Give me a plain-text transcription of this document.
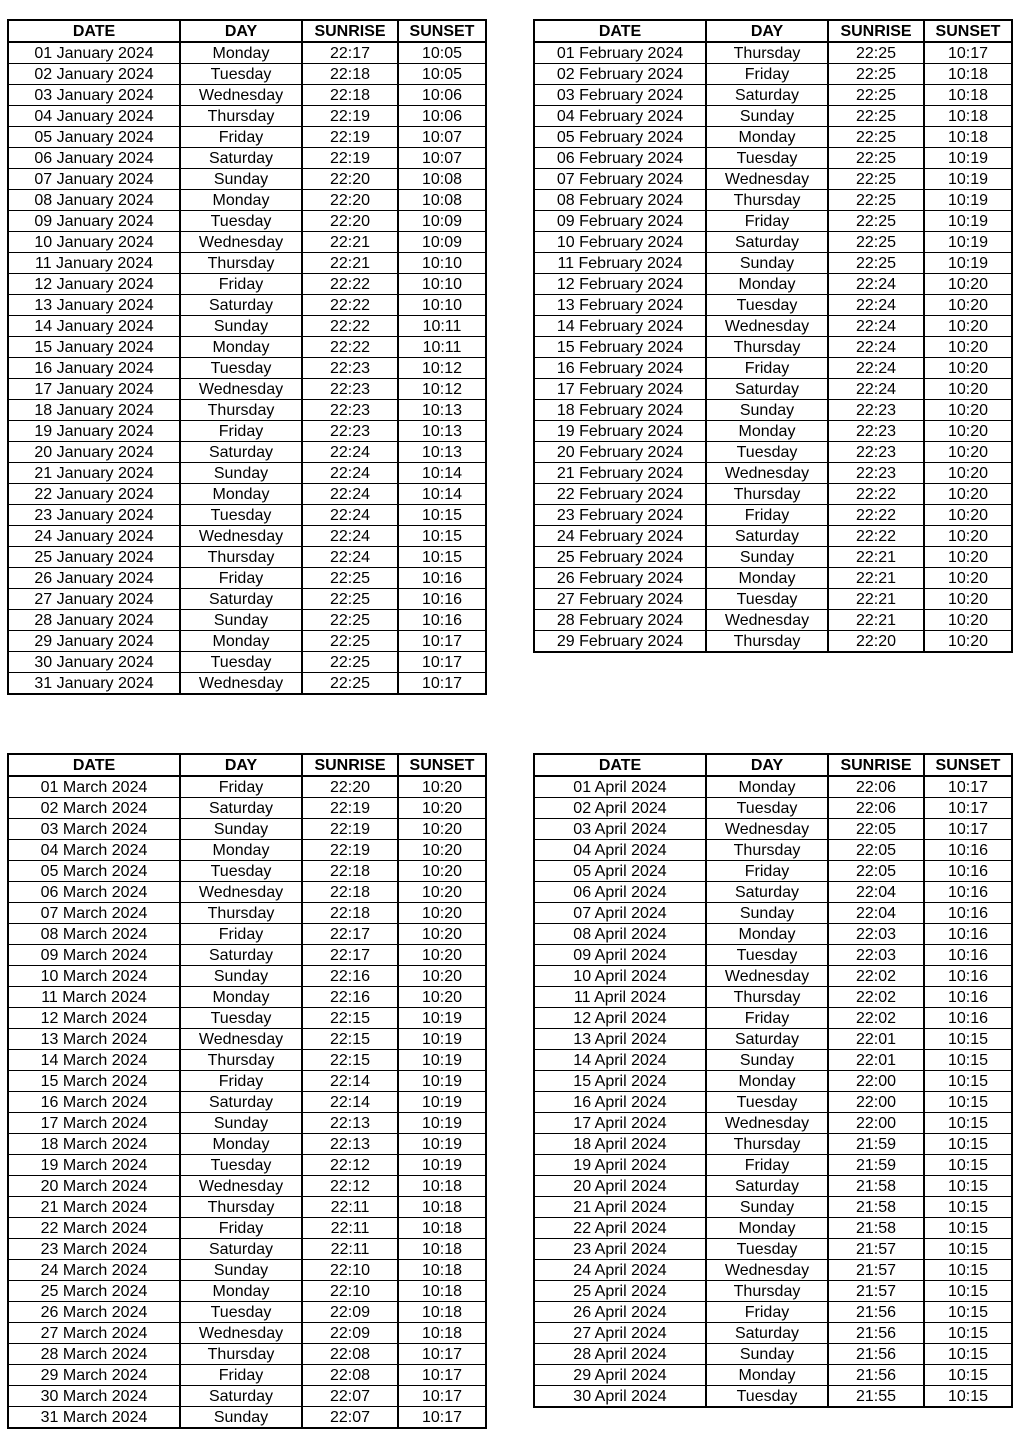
DATE	DAY	SUNRISE	SUNSET
01 January 2024	Monday	22:17	10:05
02 January 2024	Tuesday	22:18	10:05
03 January 2024	Wednesday	22:18	10:06
04 January 2024	Thursday	22:19	10:06
05 January 2024	Friday	22:19	10:07
06 January 2024	Saturday	22:19	10:07
07 January 2024	Sunday	22:20	10:08
08 January 2024	Monday	22:20	10:08
09 January 2024	Tuesday	22:20	10:09
10 January 2024	Wednesday	22:21	10:09
11 January 2024	Thursday	22:21	10:10
12 January 2024	Friday	22:22	10:10
13 January 2024	Saturday	22:22	10:10
14 January 2024	Sunday	22:22	10:11
15 January 2024	Monday	22:22	10:11
16 January 2024	Tuesday	22:23	10:12
17 January 2024	Wednesday	22:23	10:12
18 January 2024	Thursday	22:23	10:13
19 January 2024	Friday	22:23	10:13
20 January 2024	Saturday	22:24	10:13
21 January 2024	Sunday	22:24	10:14
22 January 2024	Monday	22:24	10:14
23 January 2024	Tuesday	22:24	10:15
24 January 2024	Wednesday	22:24	10:15
25 January 2024	Thursday	22:24	10:15
26 January 2024	Friday	22:25	10:16
27 January 2024	Saturday	22:25	10:16
28 January 2024	Sunday	22:25	10:16
29 January 2024	Monday	22:25	10:17
30 January 2024	Tuesday	22:25	10:17
31 January 2024	Wednesday	22:25	10:17
DATE	DAY	SUNRISE	SUNSET
01 February 2024	Thursday	22:25	10:17
02 February 2024	Friday	22:25	10:18
03 February 2024	Saturday	22:25	10:18
04 February 2024	Sunday	22:25	10:18
05 February 2024	Monday	22:25	10:18
06 February 2024	Tuesday	22:25	10:19
07 February 2024	Wednesday	22:25	10:19
08 February 2024	Thursday	22:25	10:19
09 February 2024	Friday	22:25	10:19
10 February 2024	Saturday	22:25	10:19
11 February 2024	Sunday	22:25	10:19
12 February 2024	Monday	22:24	10:20
13 February 2024	Tuesday	22:24	10:20
14 February 2024	Wednesday	22:24	10:20
15 February 2024	Thursday	22:24	10:20
16 February 2024	Friday	22:24	10:20
17 February 2024	Saturday	22:24	10:20
18 February 2024	Sunday	22:23	10:20
19 February 2024	Monday	22:23	10:20
20 February 2024	Tuesday	22:23	10:20
21 February 2024	Wednesday	22:23	10:20
22 February 2024	Thursday	22:22	10:20
23 February 2024	Friday	22:22	10:20
24 February 2024	Saturday	22:22	10:20
25 February 2024	Sunday	22:21	10:20
26 February 2024	Monday	22:21	10:20
27 February 2024	Tuesday	22:21	10:20
28 February 2024	Wednesday	22:21	10:20
29 February 2024	Thursday	22:20	10:20
DATE	DAY	SUNRISE	SUNSET
01 March 2024	Friday	22:20	10:20
02 March 2024	Saturday	22:19	10:20
03 March 2024	Sunday	22:19	10:20
04 March 2024	Monday	22:19	10:20
05 March 2024	Tuesday	22:18	10:20
06 March 2024	Wednesday	22:18	10:20
07 March 2024	Thursday	22:18	10:20
08 March 2024	Friday	22:17	10:20
09 March 2024	Saturday	22:17	10:20
10 March 2024	Sunday	22:16	10:20
11 March 2024	Monday	22:16	10:20
12 March 2024	Tuesday	22:15	10:19
13 March 2024	Wednesday	22:15	10:19
14 March 2024	Thursday	22:15	10:19
15 March 2024	Friday	22:14	10:19
16 March 2024	Saturday	22:14	10:19
17 March 2024	Sunday	22:13	10:19
18 March 2024	Monday	22:13	10:19
19 March 2024	Tuesday	22:12	10:19
20 March 2024	Wednesday	22:12	10:18
21 March 2024	Thursday	22:11	10:18
22 March 2024	Friday	22:11	10:18
23 March 2024	Saturday	22:11	10:18
24 March 2024	Sunday	22:10	10:18
25 March 2024	Monday	22:10	10:18
26 March 2024	Tuesday	22:09	10:18
27 March 2024	Wednesday	22:09	10:18
28 March 2024	Thursday	22:08	10:17
29 March 2024	Friday	22:08	10:17
30 March 2024	Saturday	22:07	10:17
31 March 2024	Sunday	22:07	10:17
DATE	DAY	SUNRISE	SUNSET
01 April 2024	Monday	22:06	10:17
02 April 2024	Tuesday	22:06	10:17
03 April 2024	Wednesday	22:05	10:17
04 April 2024	Thursday	22:05	10:16
05 April 2024	Friday	22:05	10:16
06 April 2024	Saturday	22:04	10:16
07 April 2024	Sunday	22:04	10:16
08 April 2024	Monday	22:03	10:16
09 April 2024	Tuesday	22:03	10:16
10 April 2024	Wednesday	22:02	10:16
11 April 2024	Thursday	22:02	10:16
12 April 2024	Friday	22:02	10:16
13 April 2024	Saturday	22:01	10:15
14 April 2024	Sunday	22:01	10:15
15 April 2024	Monday	22:00	10:15
16 April 2024	Tuesday	22:00	10:15
17 April 2024	Wednesday	22:00	10:15
18 April 2024	Thursday	21:59	10:15
19 April 2024	Friday	21:59	10:15
20 April 2024	Saturday	21:58	10:15
21 April 2024	Sunday	21:58	10:15
22 April 2024	Monday	21:58	10:15
23 April 2024	Tuesday	21:57	10:15
24 April 2024	Wednesday	21:57	10:15
25 April 2024	Thursday	21:57	10:15
26 April 2024	Friday	21:56	10:15
27 April 2024	Saturday	21:56	10:15
28 April 2024	Sunday	21:56	10:15
29 April 2024	Monday	21:56	10:15
30 April 2024	Tuesday	21:55	10:15
